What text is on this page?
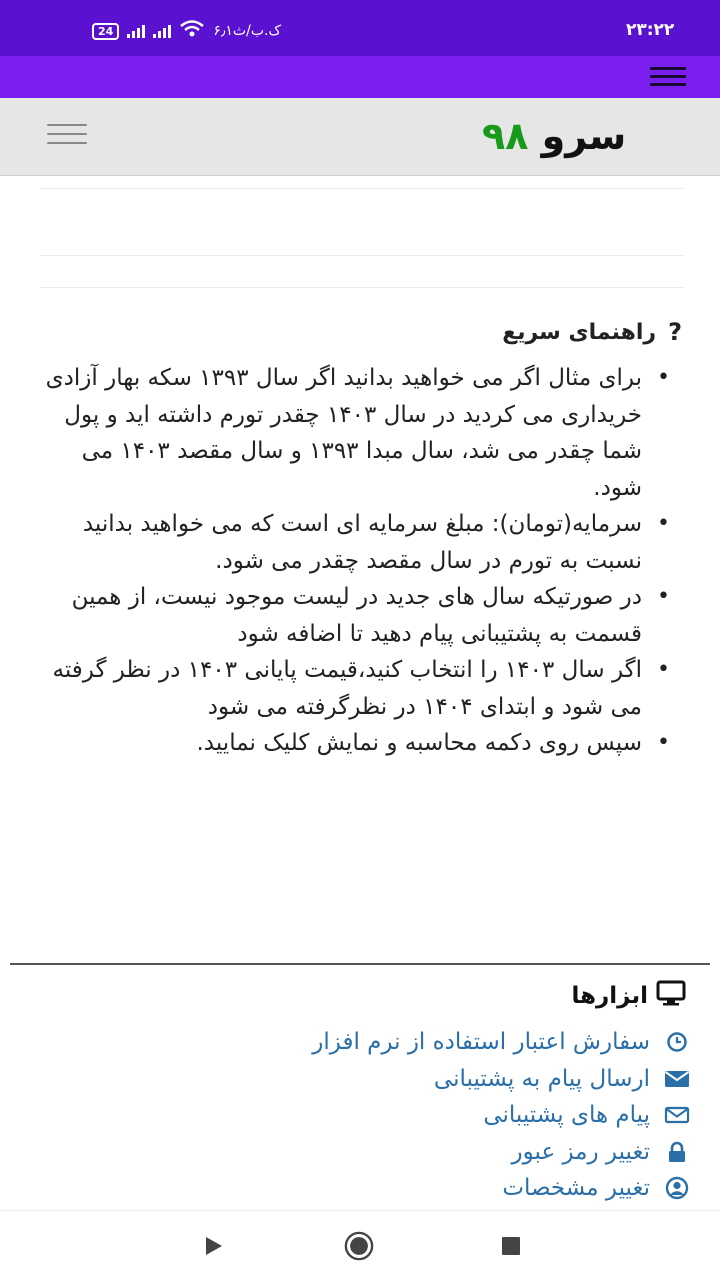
24	۶٫۱ک.ب/ث	۲۳:۲۲
سرو ۹۸
?
راهنمای سریع
• برای مثال اگر می خواهید بدانید اگر سال ۱۳۹۳ سکه بهار آزادی خریداری می کردید در سال ۱۴۰۳ چقدر تورم داشته اید و پول شما چقدر می شد، سال مبدا ۱۳۹۳ و سال مقصد ۱۴۰۳ می شود.
• سرمایه(تومان): مبلغ سرمایه ای است که می خواهید بدانید نسبت به تورم در سال مقصد چقدر می شود.
• در صورتیکه سال های جدید در لیست موجود نیست، از همین قسمت به پشتیبانی پیام دهید تا اضافه شود
• اگر سال ۱۴۰۳ را انتخاب کنید،قیمت پایانی ۱۴۰۳ در نظر گرفته می شود و ابتدای ۱۴۰۴ در نظرگرفته می شود
• سپس روی دکمه محاسبه و نمایش کلیک نمایید.
ابزارها
سفارش اعتبار استفاده از نرم افزار
ارسال پیام به پشتیبانی
پیام های پشتیبانی
تغییر رمز عبور
تغییر مشخصات
